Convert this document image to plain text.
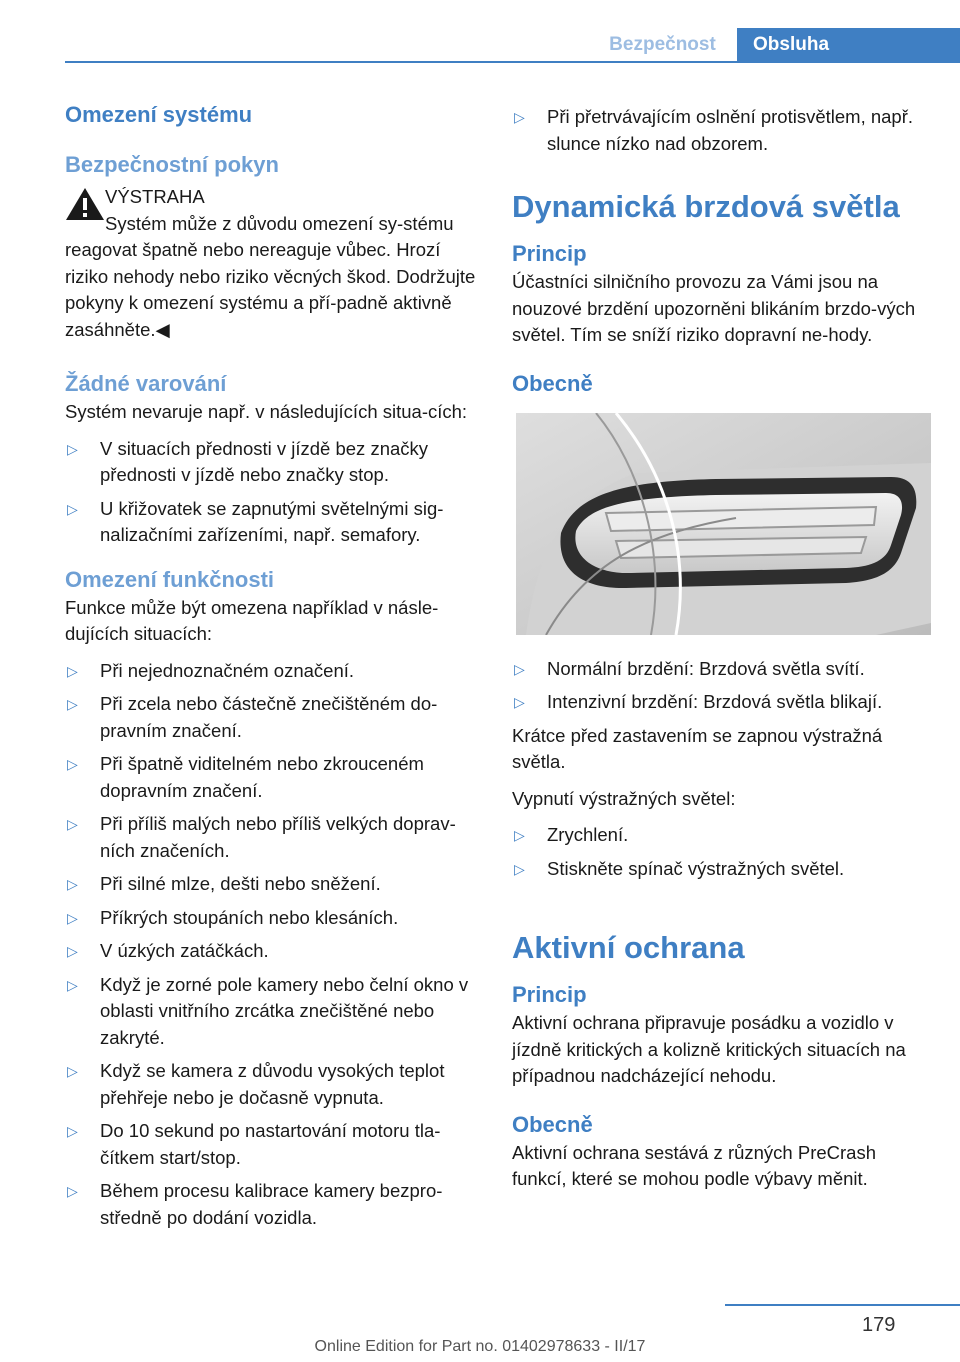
Bezpečnost	Obsluha
Omezení systému
Bezpečnostní pokyn

VÝSTRAHA

Systém může z důvodu omezení sy-stému reagovat špatně nebo nereaguje vůbec. Hrozí riziko nehody nebo riziko věcných škod. Dodržujte pokyny k omezení systému a pří-padně aktivně zasáhněte.◀

Žádné varování

Systém nevaruje např. v následujících situa-cích:

▷ V situacích přednosti v jízdě bez značky přednosti v jízdě nebo značky stop.
▷ U křižovatek se zapnutými světelnými sig-nalizačními zařízeními, např. semafory.
Omezení funkčnosti

Funkce může být omezena například v násle-dujících situacích:

▷ Při nejednoznačném označení.
▷ Při zcela nebo částečně znečištěném do-pravním značení.
▷ Při špatně viditelném nebo zkrouceném dopravním značení.
▷ Při příliš malých nebo příliš velkých doprav-ních značeních.
▷ Při silné mlze, dešti nebo sněžení.
▷ Příkrých stoupáních nebo klesáních.
▷ V úzkých zatáčkách.
▷ Když je zorné pole kamery nebo čelní okno v oblasti vnitřního zrcátka znečištěné nebo zakryté.
▷ Když se kamera z důvodu vysokých teplot přehřeje nebo je dočasně vypnuta.
▷ Do 10 sekund po nastartování motoru tla-čítkem start/stop.
▷ Během procesu kalibrace kamery bezpro-středně po dodání vozidla.
▷ Při přetrvávajícím oslnění protisvětlem, např. slunce nízko nad obzorem.
Dynamická brzdová světla
Princip

Účastníci silničního provozu za Vámi jsou na nouzové brzdění upozorněni blikáním brzdo-vých světel. Tím se sníží riziko dopravní ne-hody.

Obecně
▷ Normální brzdění: Brzdová světla svítí.
▷ Intenzivní brzdění: Brzdová světla blikají.

Krátce před zastavením se zapnou výstražná světla.

Vypnutí výstražných světel:

▷ Zrychlení.
▷ Stiskněte spínač výstražných světel.
Aktivní ochrana
Princip

Aktivní ochrana připravuje posádku a vozidlo v jízdně kritických a kolizně kritických situacích na případnou nadcházející nehodu.

Obecně

Aktivní ochrana sestává z různých PreCrash funkcí, které se mohou podle výbavy měnit.

179
Online Edition for Part no. 01402978633 - II/17
